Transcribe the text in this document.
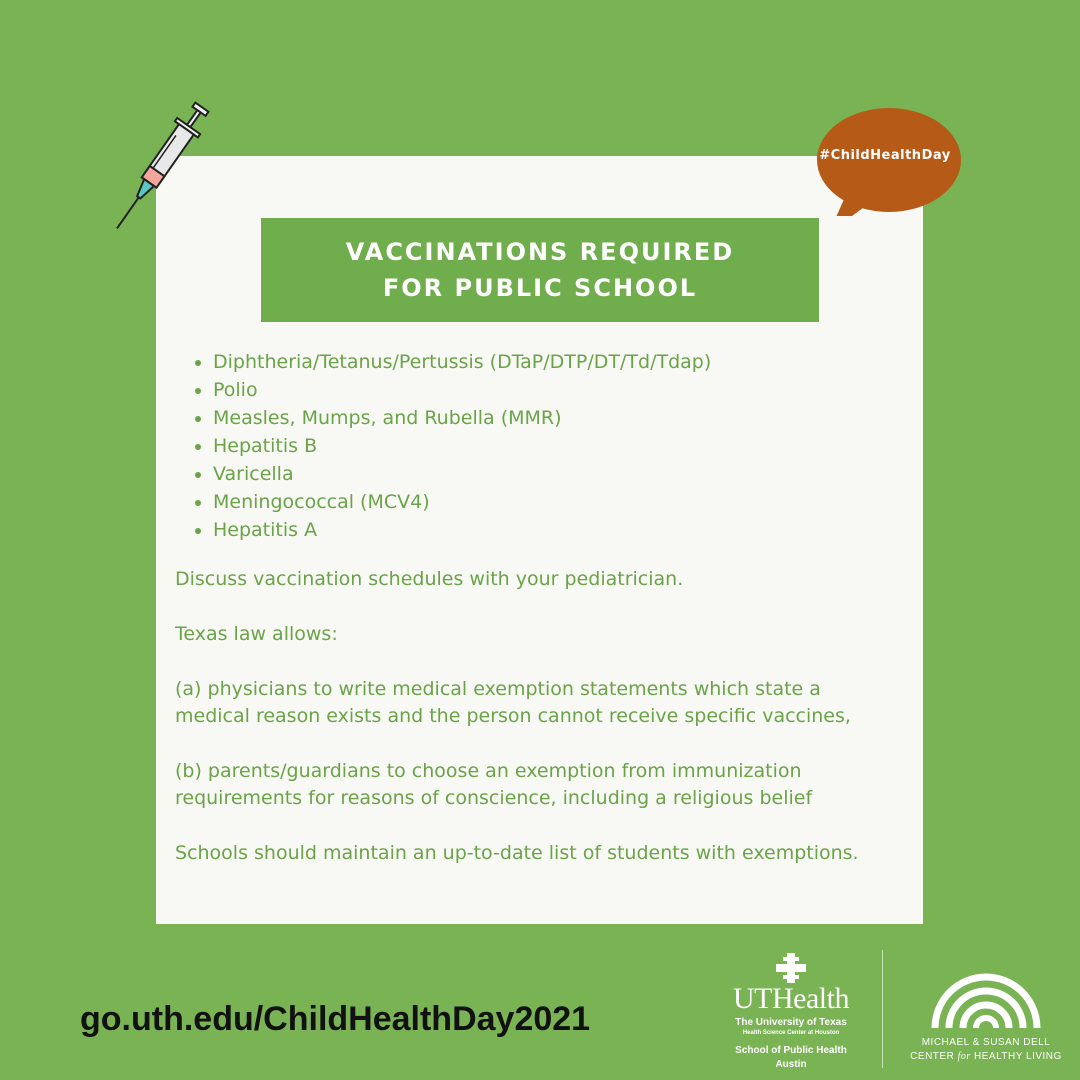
#ChildHealthDay
VACCINATIONS REQUIRED
FOR PUBLIC SCHOOL
• Diphtheria/Tetanus/Pertussis (DTaP/DTP/DT/Td/Tdap)
• Polio
• Measles, Mumps, and Rubella (MMR)
• Hepatitis B
• Varicella
• Meningococcal (MCV4)
• Hepatitis A

Discuss vaccination schedules with your pediatrician.

Texas law allows:

(a) physicians to write medical exemption statements which state a medical reason exists and the person cannot receive specific vaccines,

(b) parents/guardians to choose an exemption from immunization requirements for reasons of conscience, including a religious belief

Schools should maintain an up-to-date list of students with exemptions.

go.uth.edu/ChildHealthDay2021
UTHealth
The University of Texas
Health Science Center at Houston
School of Public Health
Austin
MICHAEL & SUSAN DELL
CENTER for HEALTHY LIVING
